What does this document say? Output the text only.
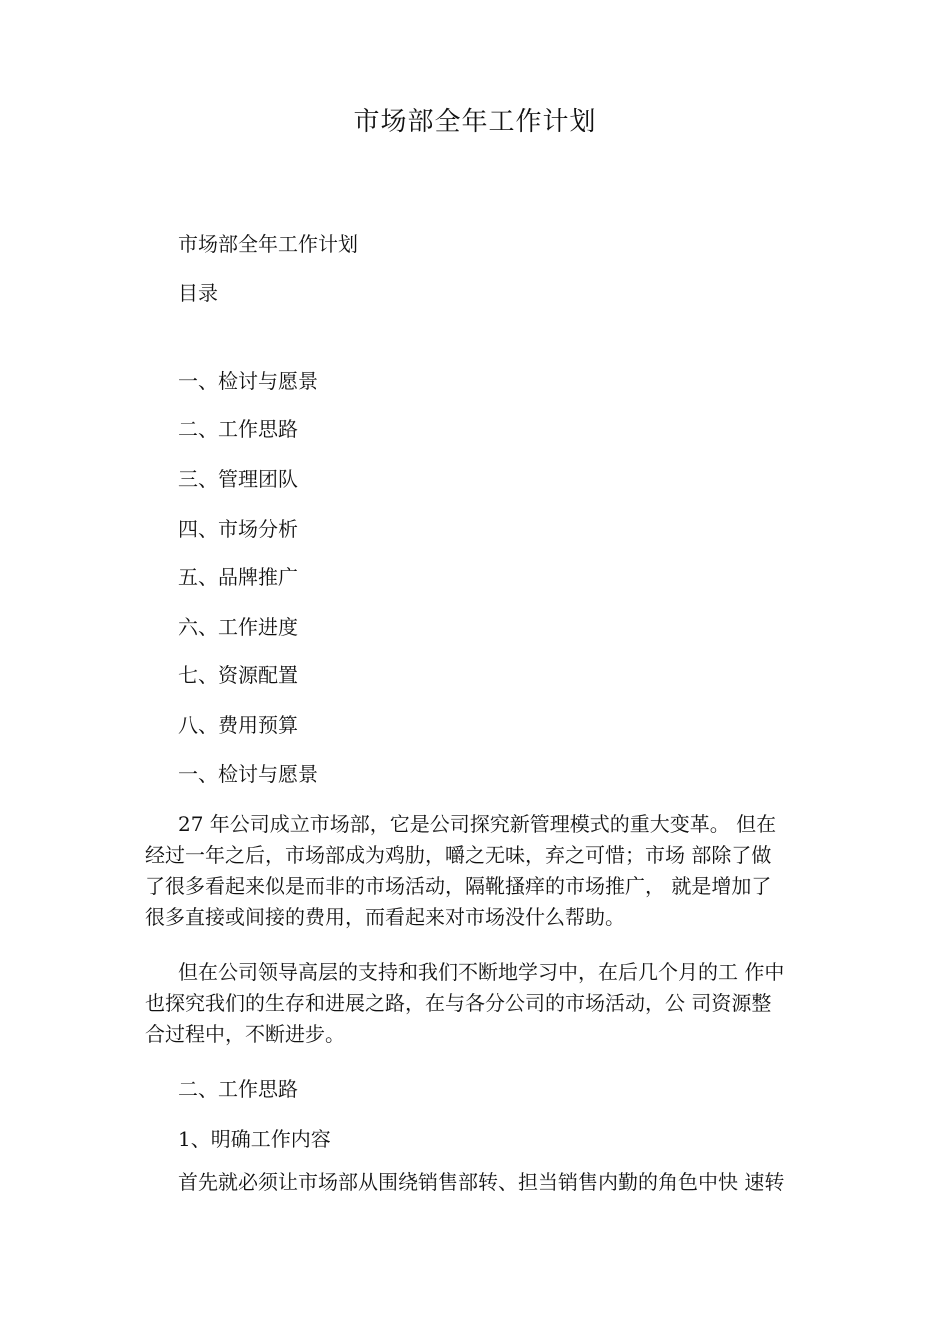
市场部全年工作计划
市场部全年工作计划
目录
一、检讨与愿景
二、工作思路
三、管理团队
四、市场分析
五、品牌推广
六、工作进度
七、资源配置
八、费用预算
一、检讨与愿景
27 年公司成立市场部，它是公司探究新管理模式的重大变革。 但在
经过一年之后，市场部成为鸡肋，嚼之无味，弃之可惜；市场 部除了做
了很多看起来似是而非的市场活动，隔靴搔痒的市场推广， 就是增加了
很多直接或间接的费用，而看起来对市场没什么帮助。
但在公司领导高层的支持和我们不断地学习中，在后几个月的工 作中
也探究我们的生存和进展之路，在与各分公司的市场活动，公 司资源整
合过程中，不断进步。
二、工作思路
1、明确工作内容
首先就必须让市场部从围绕销售部转、担当销售内勤的角色中快 速转
